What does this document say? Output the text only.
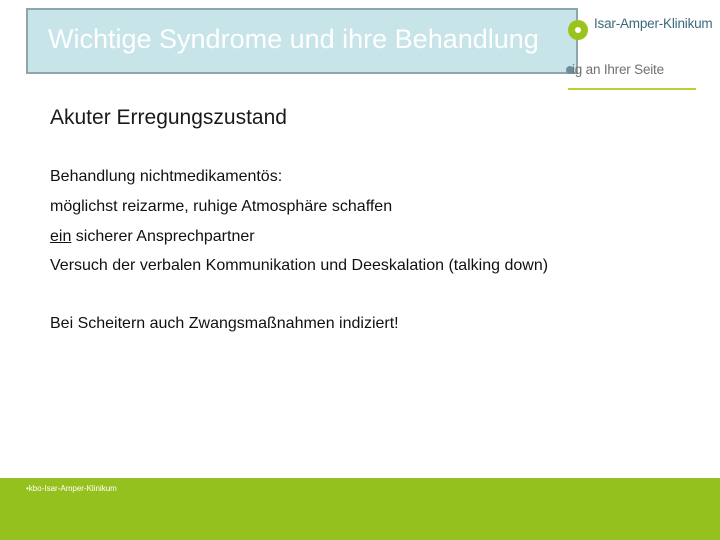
Wichtige Syndrome und ihre Behandlung
Isar-Amper-Klinikum
ig an Ihrer Seite
Akuter Erregungszustand
Behandlung nichtmedikamentös:
möglichst reizarme, ruhige Atmosphäre schaffen
ein sicherer Ansprechpartner
Versuch der verbalen Kommunikation und Deeskalation (talking down)
Bei Scheitern auch Zwangsmaßnahmen indiziert!
•kbo-Isar-Amper-Klinikum
